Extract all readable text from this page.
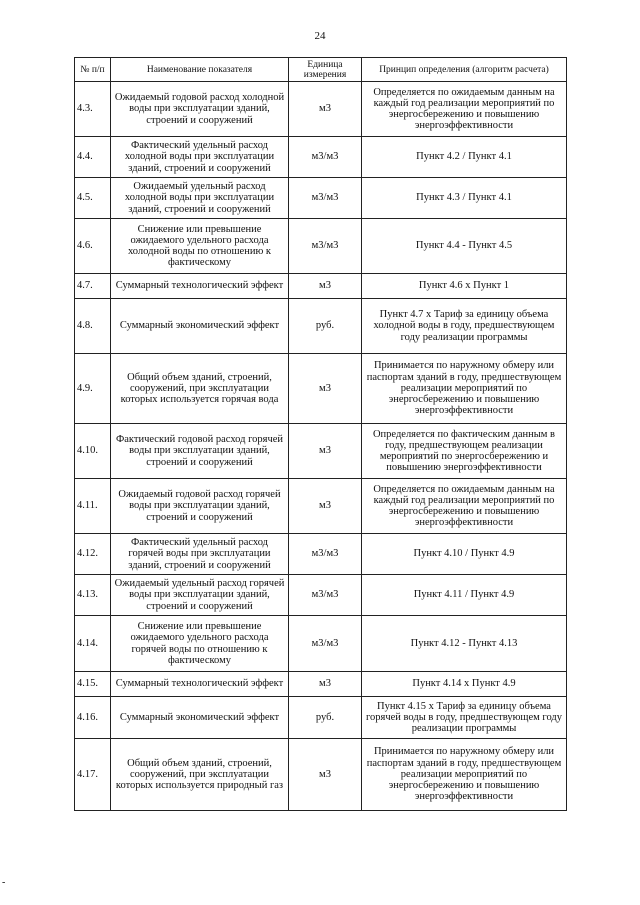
24
№ п/п	Наименование показателя	Единица измерения	Принцип определения (алгоритм расчета)
4.3.	Ожидаемый годовой расход холодной воды при эксплуатации зданий, строений и сооружений	м3	Определяется по ожидаемым данным на каждый год реализации мероприятий по энергосбережению и повышению энергоэффективности
4.4.	Фактический удельный расход холодной воды при эксплуатации зданий, строений и сооружений	м3/м3	Пункт 4.2 / Пункт 4.1
4.5.	Ожидаемый удельный расход холодной воды при эксплуатации зданий, строений и сооружений	м3/м3	Пункт 4.3 / Пункт 4.1
4.6.	Снижение или превышение ожидаемого удельного расхода холодной воды по отношению к фактическому	м3/м3	Пункт 4.4 - Пункт 4.5
4.7.	Суммарный технологический эффект	м3	Пункт 4.6 х Пункт 1
4.8.	Суммарный экономический эффект	руб.	Пункт 4.7 х Тариф за единицу объема холодной воды в году, предшествующем году реализации программы
4.9.	Общий объем зданий, строений, сооружений, при эксплуатации которых используется горячая вода	м3	Принимается по наружному обмеру или паспортам зданий в году, предшествующем реализации мероприятий по энергосбережению и повышению энергоэффективности
4.10.	Фактический годовой расход горячей воды при эксплуатации зданий, строений и сооружений	м3	Определяется по фактическим данным в году, предшествующем реализации мероприятий по энергосбережению и повышению энергоэффективности
4.11.	Ожидаемый годовой расход горячей воды при эксплуатации зданий, строений и сооружений	м3	Определяется по ожидаемым данным на каждый год реализации мероприятий по энергосбережению и повышению энергоэффективности
4.12.	Фактический удельный расход горячей воды при эксплуатации зданий, строений и сооружений	м3/м3	Пункт 4.10 / Пункт 4.9
4.13.	Ожидаемый удельный расход горячей воды при эксплуатации зданий, строений и сооружений	м3/м3	Пункт 4.11 / Пункт 4.9
4.14.	Снижение или превышение ожидаемого удельного расхода горячей воды по отношению к фактическому	м3/м3	Пункт 4.12 - Пункт 4.13
4.15.	Суммарный технологический эффект	м3	Пункт 4.14 х Пункт 4.9
4.16.	Суммарный экономический эффект	руб.	Пункт 4.15 х Тариф за единицу объема горячей воды в году, предшествующем году реализации программы
4.17.	Общий объем зданий, строений, сооружений, при эксплуатации которых используется природный газ	м3	Принимается по наружному обмеру или паспортам зданий в году, предшествующем реализации мероприятий по энергосбережению и повышению энергоэффективности
-
